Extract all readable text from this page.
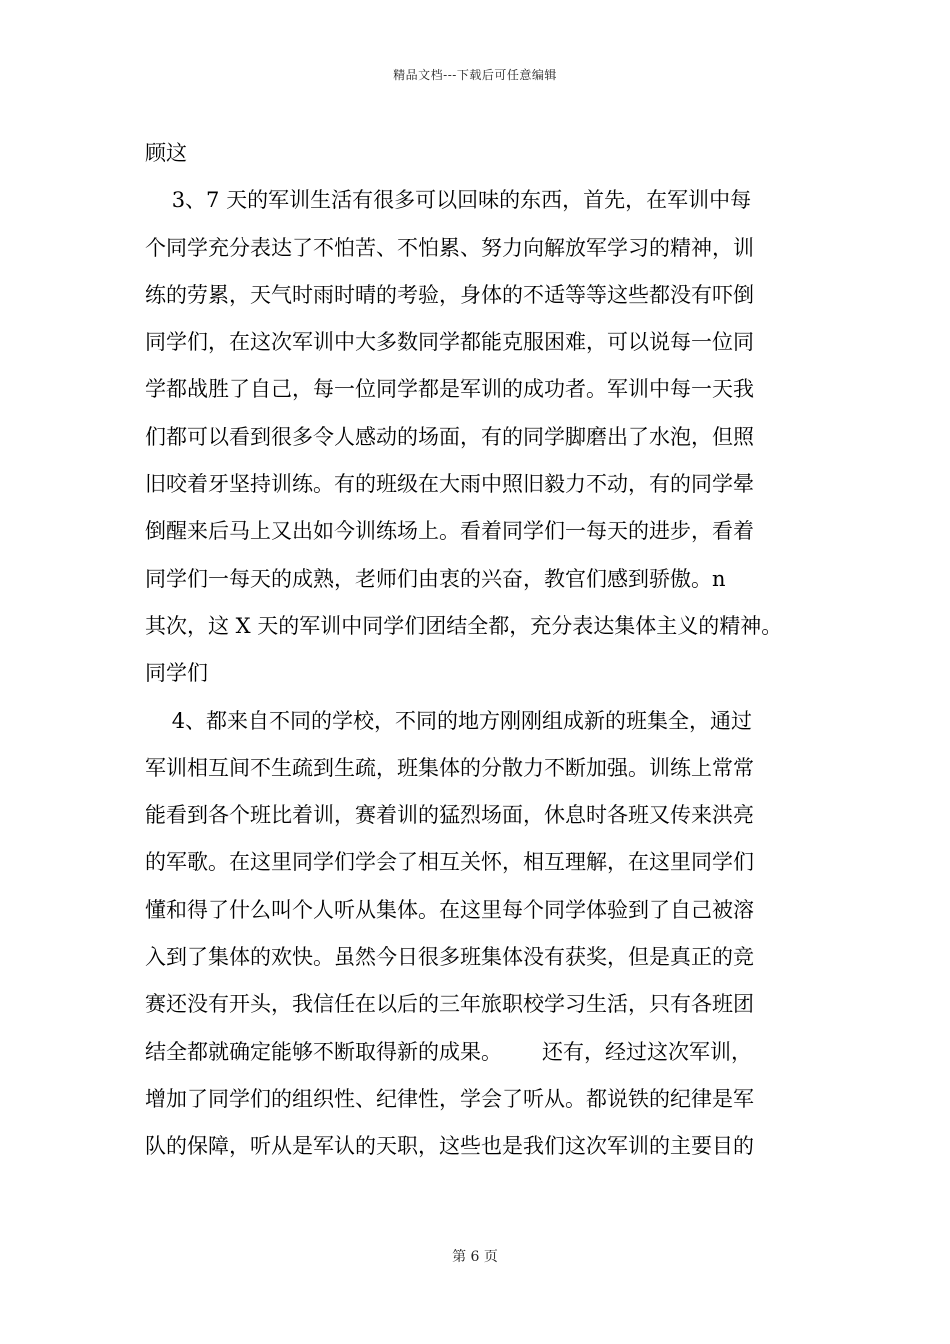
精品文档---下载后可任意编辑
顾这
3、7 天的军训生活有很多可以回味的东西，首先，在军训中每
个同学充分表达了不怕苦、不怕累、努力向解放军学习的精神，训
练的劳累，天气时雨时晴的考验，身体的不适等等这些都没有吓倒
同学们，在这次军训中大多数同学都能克服困难，可以说每一位同
学都战胜了自己，每一位同学都是军训的成功者。军训中每一天我
们都可以看到很多令人感动的场面，有的同学脚磨出了水泡，但照
旧咬着牙坚持训练。有的班级在大雨中照旧毅力不动，有的同学晕
倒醒来后马上又出如今训练场上。看着同学们一每天的进步，看着
同学们一每天的成熟，老师们由衷的兴奋，教官们感到骄傲。n
其次，这 X 天的军训中同学们团结全都，充分表达集体主义的精神。
同学们
4、都来自不同的学校，不同的地方刚刚组成新的班集全，通过
军训相互间不生疏到生疏，班集体的分散力不断加强。训练上常常
能看到各个班比着训，赛着训的猛烈场面，休息时各班又传来洪亮
的军歌。在这里同学们学会了相互关怀，相互理解，在这里同学们
懂和得了什么叫个人听从集体。在这里每个同学体验到了自己被溶
入到了集体的欢快。虽然今日很多班集体没有获奖，但是真正的竞
赛还没有开头，我信任在以后的三年旅职校学习生活，只有各班团
结全都就确定能够不断取得新的成果。      还有，经过这次军训，
增加了同学们的组织性、纪律性，学会了听从。都说铁的纪律是军
队的保障，听从是军认的天职，这些也是我们这次军训的主要目的
第 6 页
